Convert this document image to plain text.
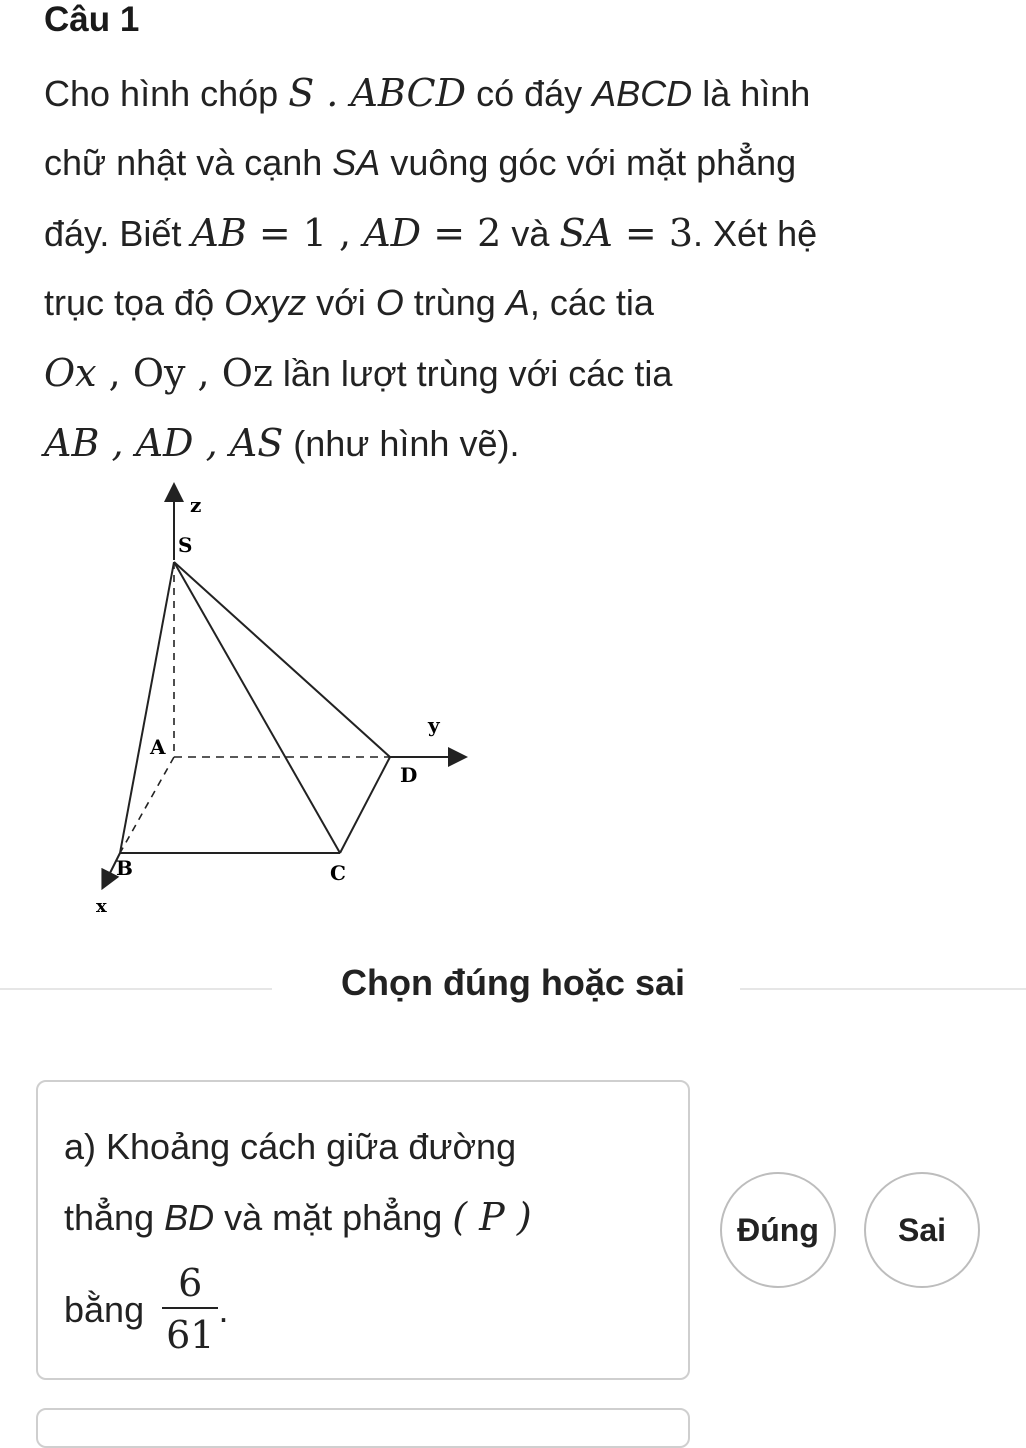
Câu 1
Cho hình chóp S . ABCD có đáy ABCD là hình
chữ nhật và cạnh SA vuông góc với mặt phẳng
đáy. Biết AB = 1 , AD = 2 và SA = 3. Xét hệ
trục tọa độ Oxyz với O trùng A, các tia
Ox , Oy , Oz lần lượt trùng với các tia
AB , AD , AS (như hình vẽ).
z
S
y
A
D
B	C
x
Chọn đúng hoặc sai
a) Khoảng cách giữa đường
thẳng BD và mặt phẳng ( P )
bằng $\frac{6}{61}$ .
Đúng	Sai
